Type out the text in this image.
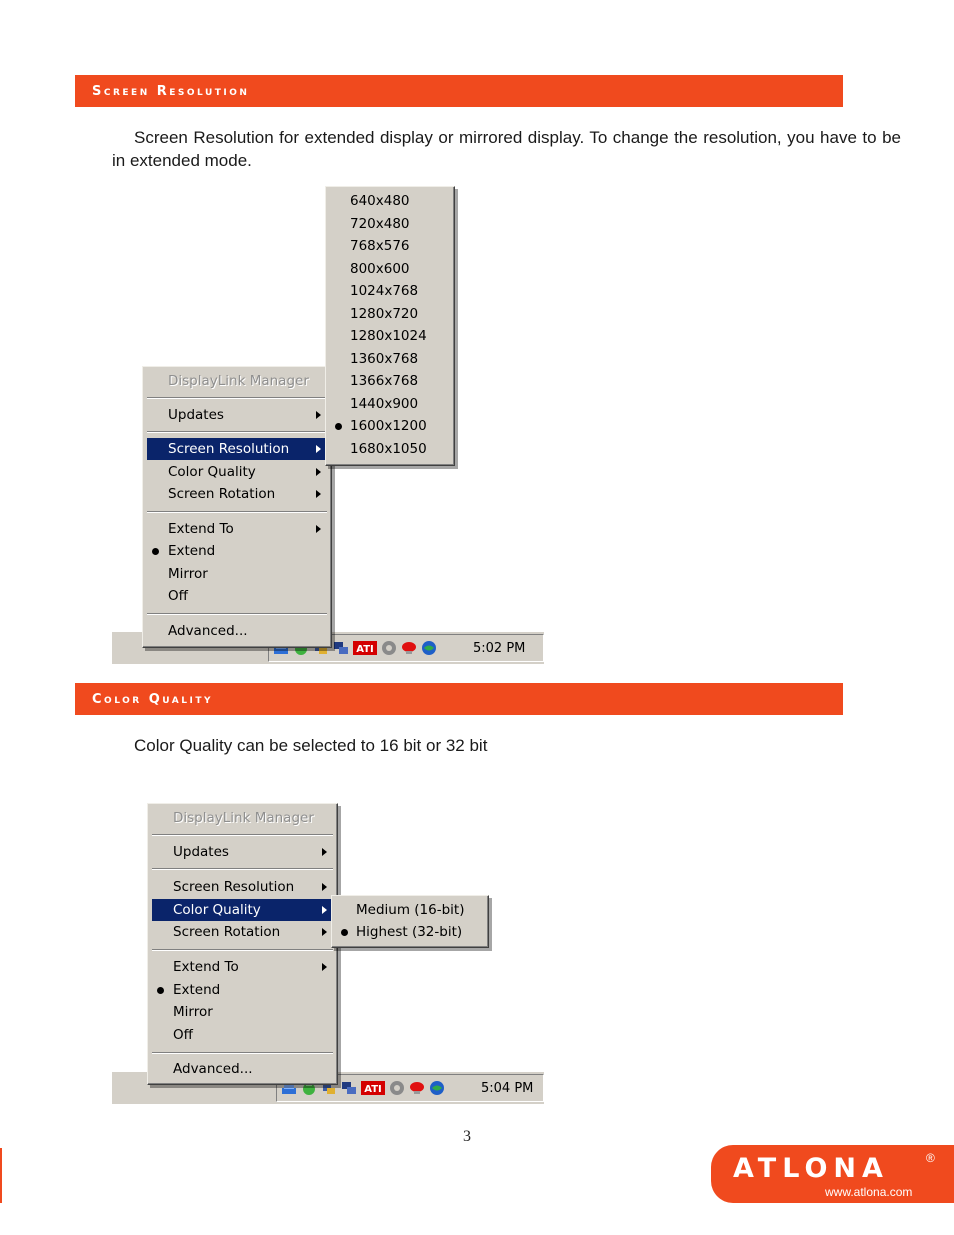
Screen Resolution
Screen Resolution for extended display or mirrored display. To change the resolution, you have to be in extended mode.
ATI	5:02 PM
DisplayLink Manager
Updates
Screen Resolution
Color Quality
Screen Rotation
Extend To
Extend
Mirror
Off
Advanced...
640x480
720x480
768x576
800x600
1024x768
1280x720
1280x1024
1360x768
1366x768
1440x900
1600x1200
1680x1050
Color Quality
Color Quality can be selected to 16 bit or 32 bit
ATI	5:04 PM
DisplayLink Manager
Updates
Screen Resolution
Color Quality
Screen Rotation
Extend To
Extend
Mirror
Off
Advanced...
Medium (16-bit)
Highest (32-bit)
3
ATLONA	®
www.atlona.com
